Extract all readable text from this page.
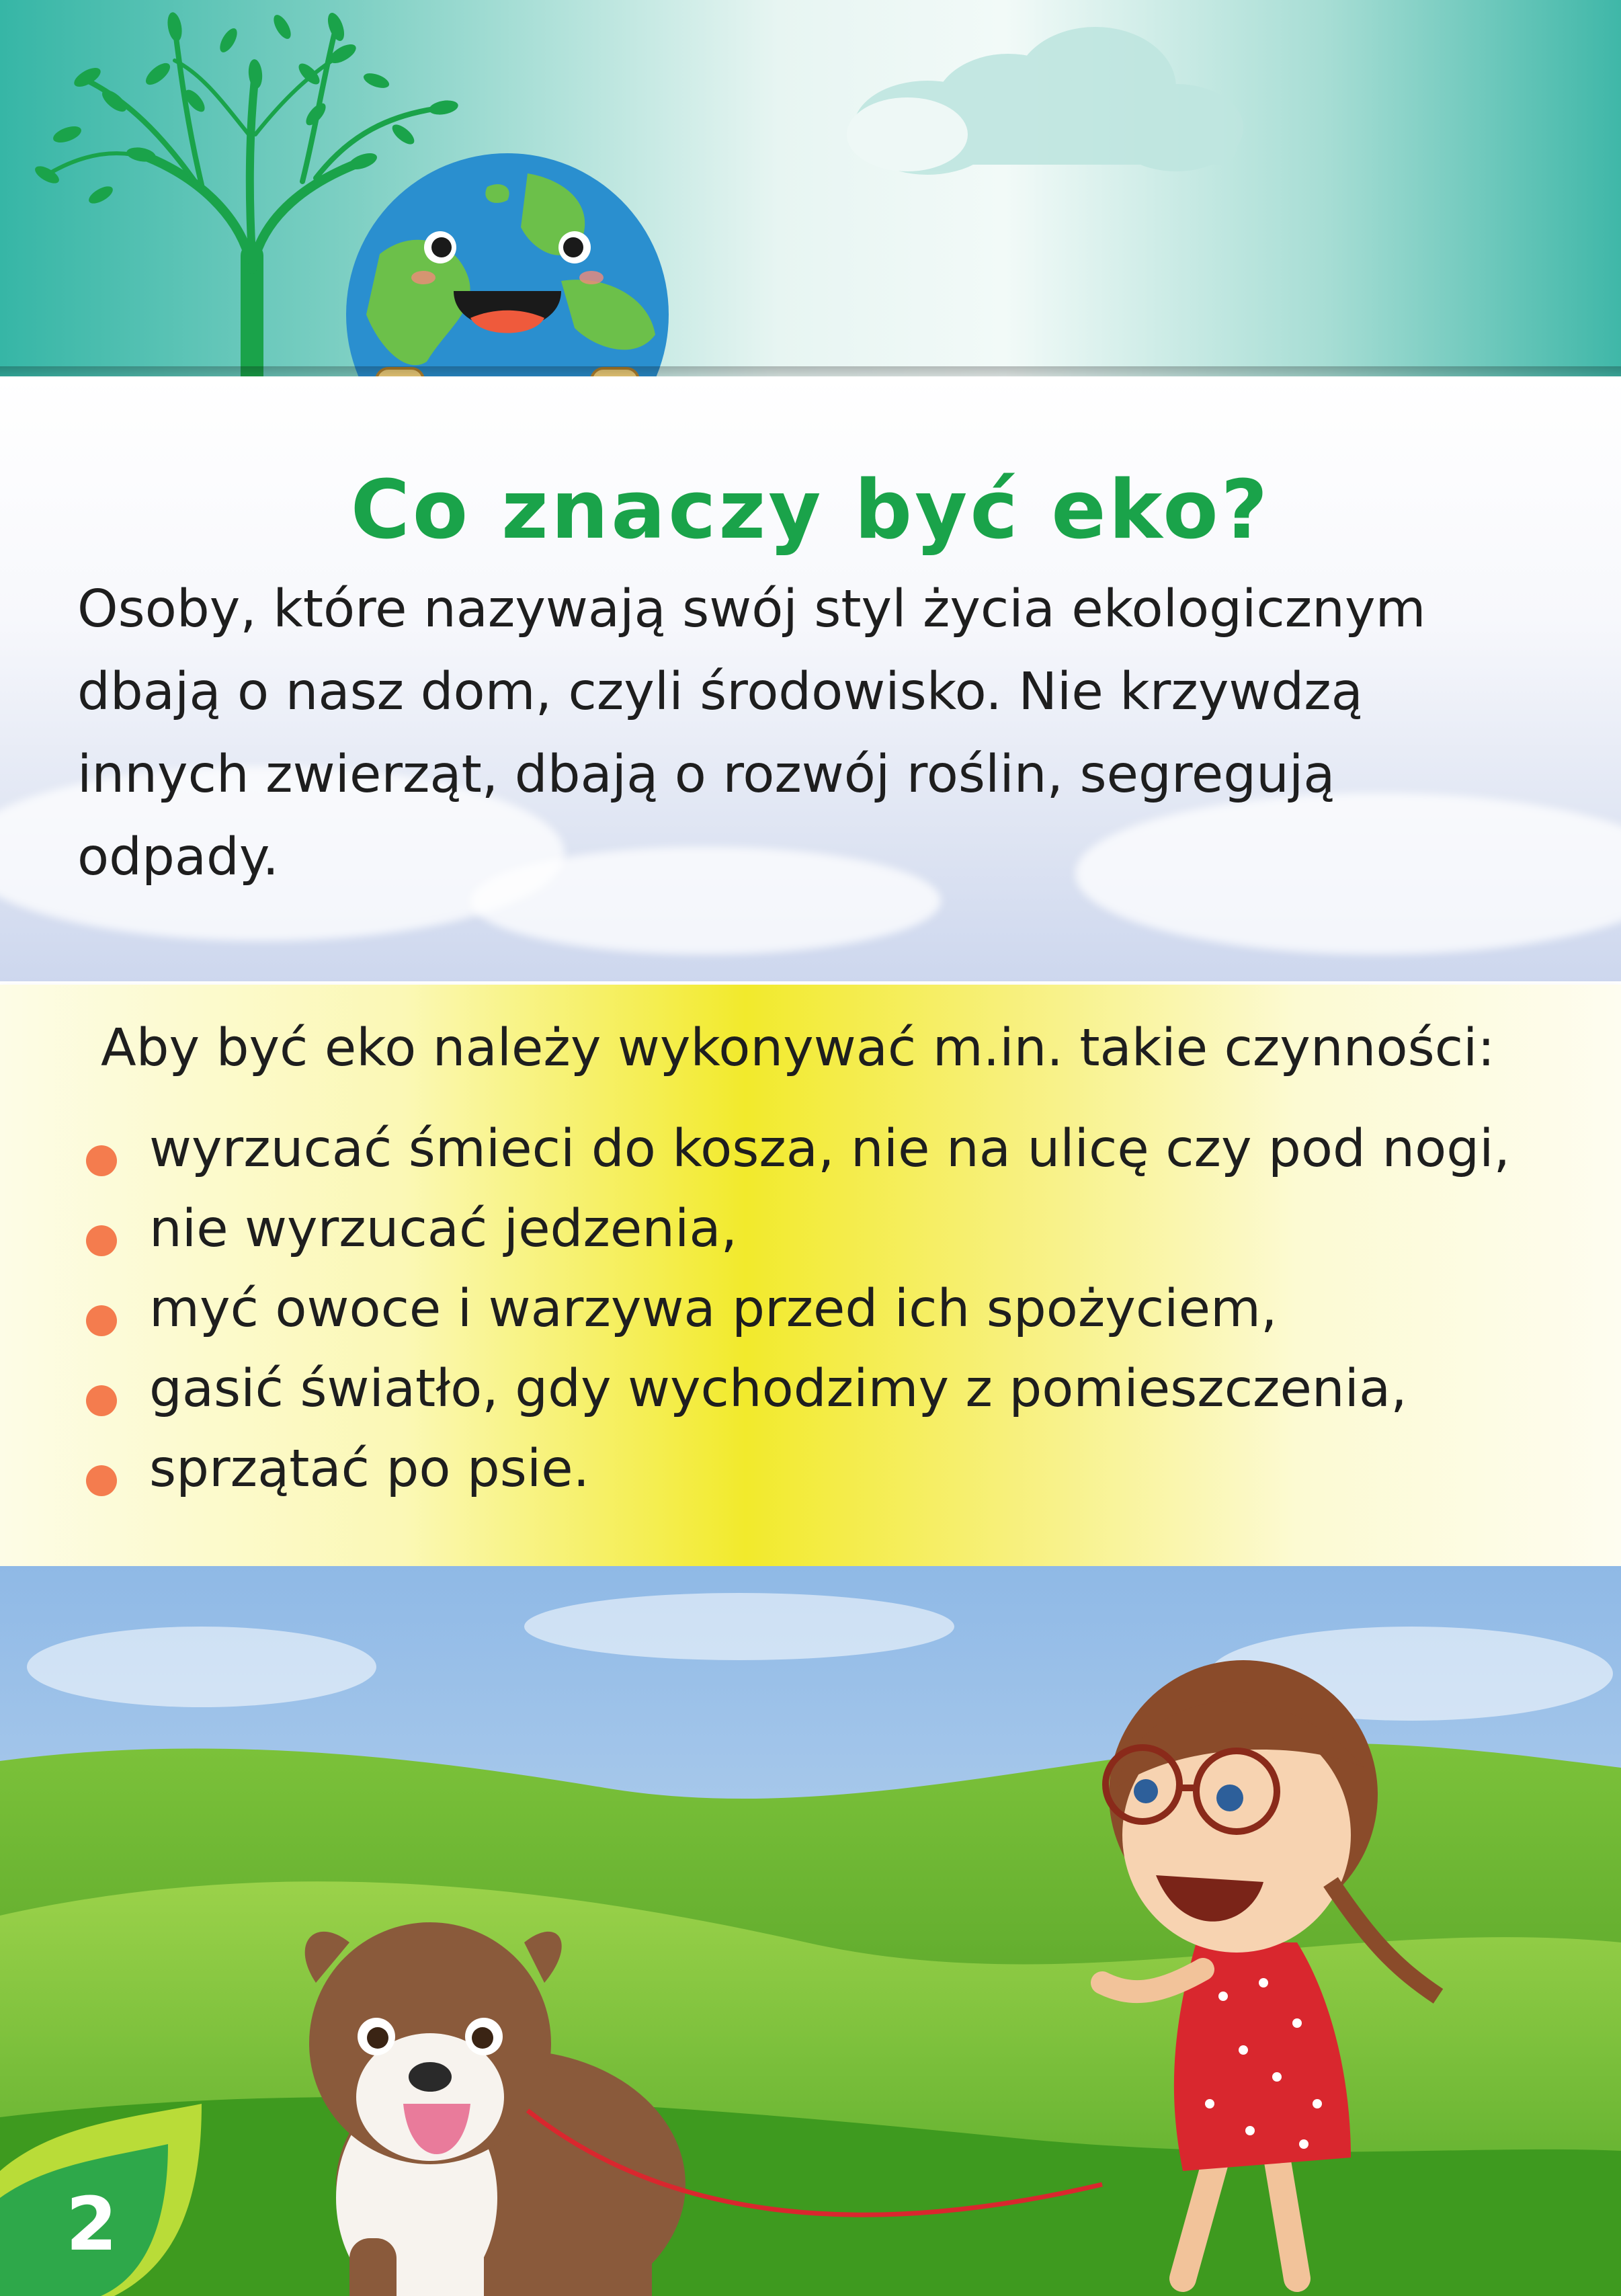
Co znaczy być eko?
Osoby, które nazywają swój styl życia ekologicznym
dbają o nasz dom, czyli środowisko. Nie krzywdzą
innych zwierząt, dbają o rozwój roślin, segregują
odpady.

Aby być eko należy wykonywać m.in. takie czynności:

wyrzucać śmieci do kosza, nie na ulicę czy pod nogi,
nie wyrzucać jedzenia,
myć owoce i warzywa przed ich spożyciem,
gasić światło, gdy wychodzimy z pomieszczenia,
sprzątać po psie.
2
